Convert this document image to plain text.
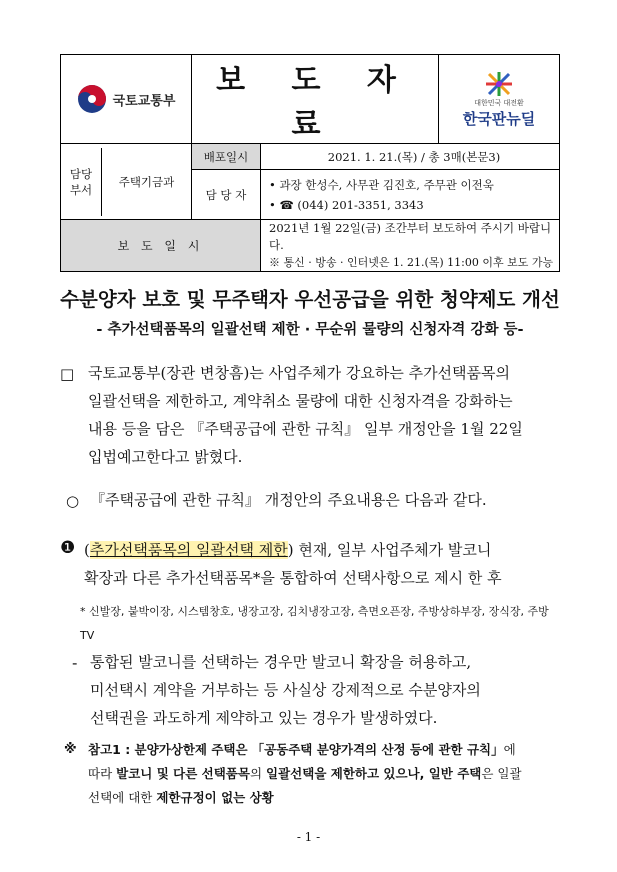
국토교통부	보 도 자 료		대한민국 대전환
한국판뉴딜

담당
부서
주택기금과	배포일시	2021. 1. 21.(목) / 총 3매(본문3)	
	담 당 자	• 과장 한성수, 사무관 김진호, 주무관 이전욱
• ☎ (044) 201-3351, 3343	

보 도 일 시		2021년 1월 22일(금) 조간부터 보도하여 주시기 바랍니다.
※ 통신 · 방송 · 인터넷은 1. 21.(목) 11:00 이후 보도 가능	
수분양자 보호 및 무주택자 우선공급을 위한 청약제도 개선
- 추가선택품목의 일괄선택 제한 · 무순위 물량의 신청자격 강화 등-
□ 국토교통부(장관 변창흠)는 사업주체가 강요하는 추가선택품목의
일괄선택을 제한하고, 계약취소 물량에 대한 신청자격을 강화하는
내용 등을 담은 『주택공급에 관한 규칙』 일부 개정안을 1월 22일
입법예고한다고 밝혔다.
○ 『주택공급에 관한 규칙』 개정안의 주요내용은 다음과 같다.
❶ (추가선택품목의 일괄선택 제한) 현재, 일부 사업주체가 발코니
확장과 다른 추가선택품목*을 통합하여 선택사항으로 제시 한 후
* 신발장, 붙박이장, 시스템창호, 냉장고장, 김치냉장고장, 측면오픈장, 주방상하부장, 장식장, 주방TV
- 통합된 발코니를 선택하는 경우만 발코니 확장을 허용하고,
미선택시 계약을 거부하는 등 사실상 강제적으로 수분양자의
선택권을 과도하게 제약하고 있는 경우가 발생하였다.
※ 참고1 : 분양가상한제 주택은 「공동주택 분양가격의 산정 등에 관한 규칙」에
따라 발코니 및 다른 선택품목의 일괄선택을 제한하고 있으나, 일반 주택은 일괄
선택에 대한 제한규정이 없는 상황
- 1 -
